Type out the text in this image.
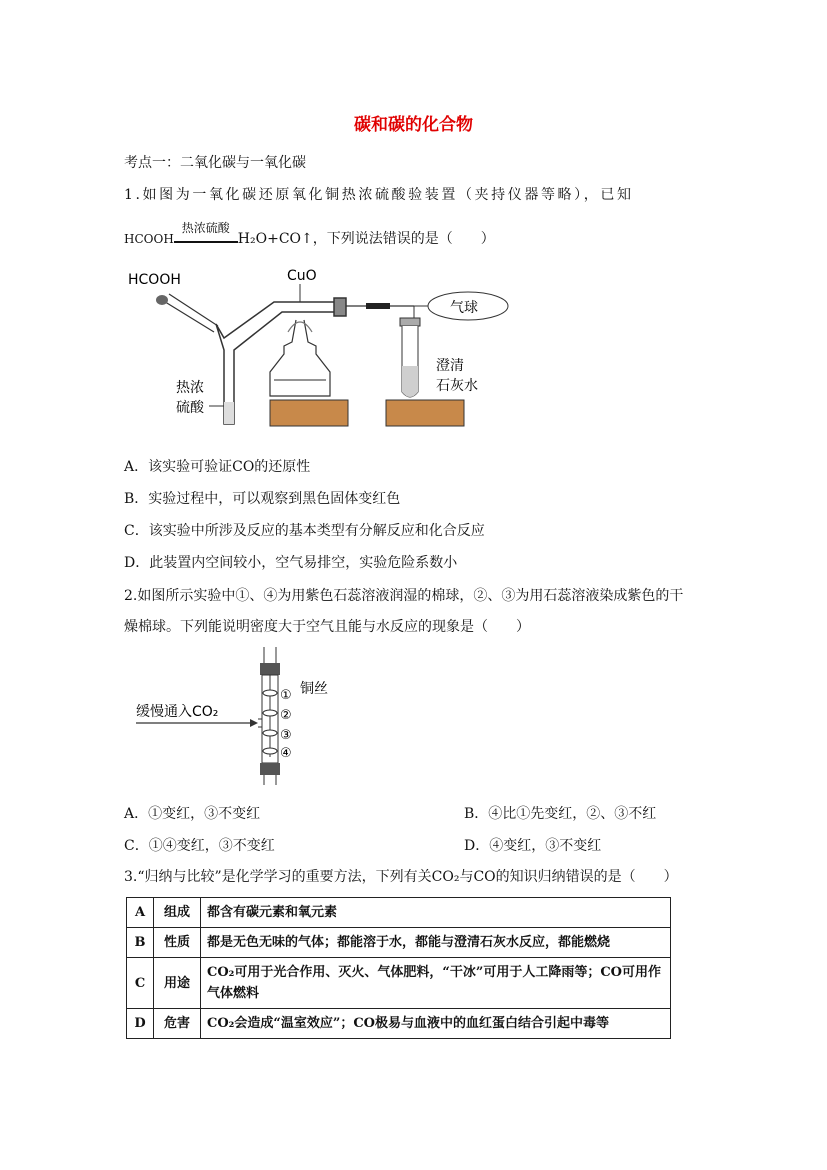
碳和碳的化合物
考点一：二氧化碳与一氧化碳
1.如图为一氧化碳还原氧化铜热浓硫酸验装置（夹持仪器等略），已知
HCOOH
热浓硫酸
H₂O+CO↑，下列说法错误的是（　　）
HCOOH
热浓
硫酸
CuO
气球
澄清
石灰水
A．该实验可验证CO的还原性
B．实验过程中，可以观察到黑色固体变红色
C．该实验中所涉及反应的基本类型有分解反应和化合反应
D．此装置内空间较小，空气易排空，实验危险系数小
2.如图所示实验中①、④为用紫色石蕊溶液润湿的棉球，②、③为用石蕊溶液染成紫色的干
燥棉球。下列能说明密度大于空气且能与水反应的现象是（　　）
缓慢通入CO₂
①
②
③
④
铜丝
A．①变红，③不变红	B．④比①先变红，②、③不红
C．①④变红，③不变红	D．④变红，③不变红
3.“归纳与比较”是化学学习的重要方法，下列有关CO₂与CO的知识归纳错误的是（　　）
A	组成	都含有碳元素和氧元素
B	性质	都是无色无味的气体；都能溶于水，都能与澄清石灰水反应，都能燃烧
C	用途	CO₂可用于光合作用、灭火、气体肥料，“干冰”可用于人工降雨等；CO可用作气体燃料
D	危害	CO₂会造成“温室效应”；CO极易与血液中的血红蛋白结合引起中毒等
